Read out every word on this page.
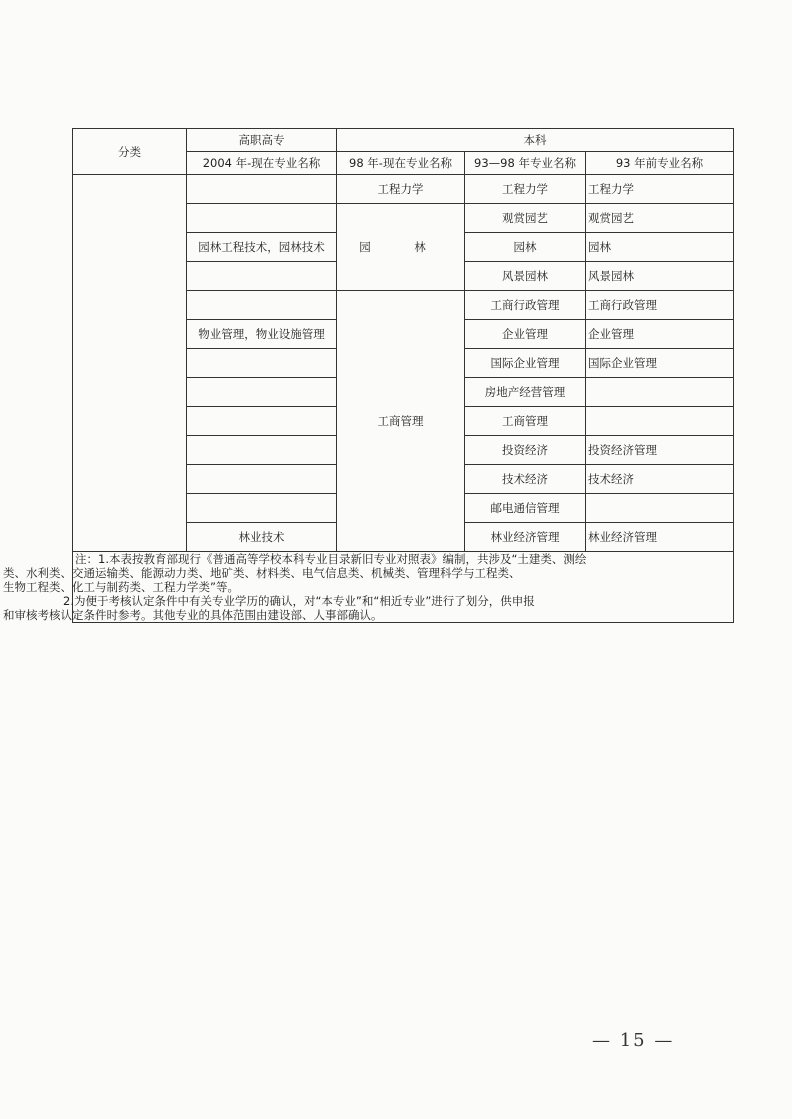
分类	高职高专	本科		
	2004 年-现在专业名称	98 年-现在专业名称	93—98 年专业名称	93 年前专业名称
		工程力学	工程力学	工程力学
		园　林	观赏园艺	观赏园艺
	园林工程技术，园林技术		园林	园林
			风景园林	风景园林
		工商管理	工商行政管理	工商行政管理
	物业管理，物业设施管理		企业管理	企业管理
			国际企业管理	国际企业管理
			房地产经营管理	
			工商管理	
			投资经济	投资经济管理
			技术经济	技术经济
			邮电通信管理	
	林业技术		林业经济管理	林业经济管理

注：1.本表按教育部现行《普通高等学校本科专业目录新旧专业对照表》编制，共涉及“土建类、测绘
类、水利类、交通运输类、能源动力类、地矿类、材料类、电气信息类、机械类、管理科学与工程类、
生物工程类、化工与制药类、工程力学类”等。
2.为便于考核认定条件中有关专业学历的确认，对“本专业”和“相近专业”进行了划分，供申报
和审核考核认定条件时参考。其他专业的具体范围由建设部、人事部确认。				
— 15 —
